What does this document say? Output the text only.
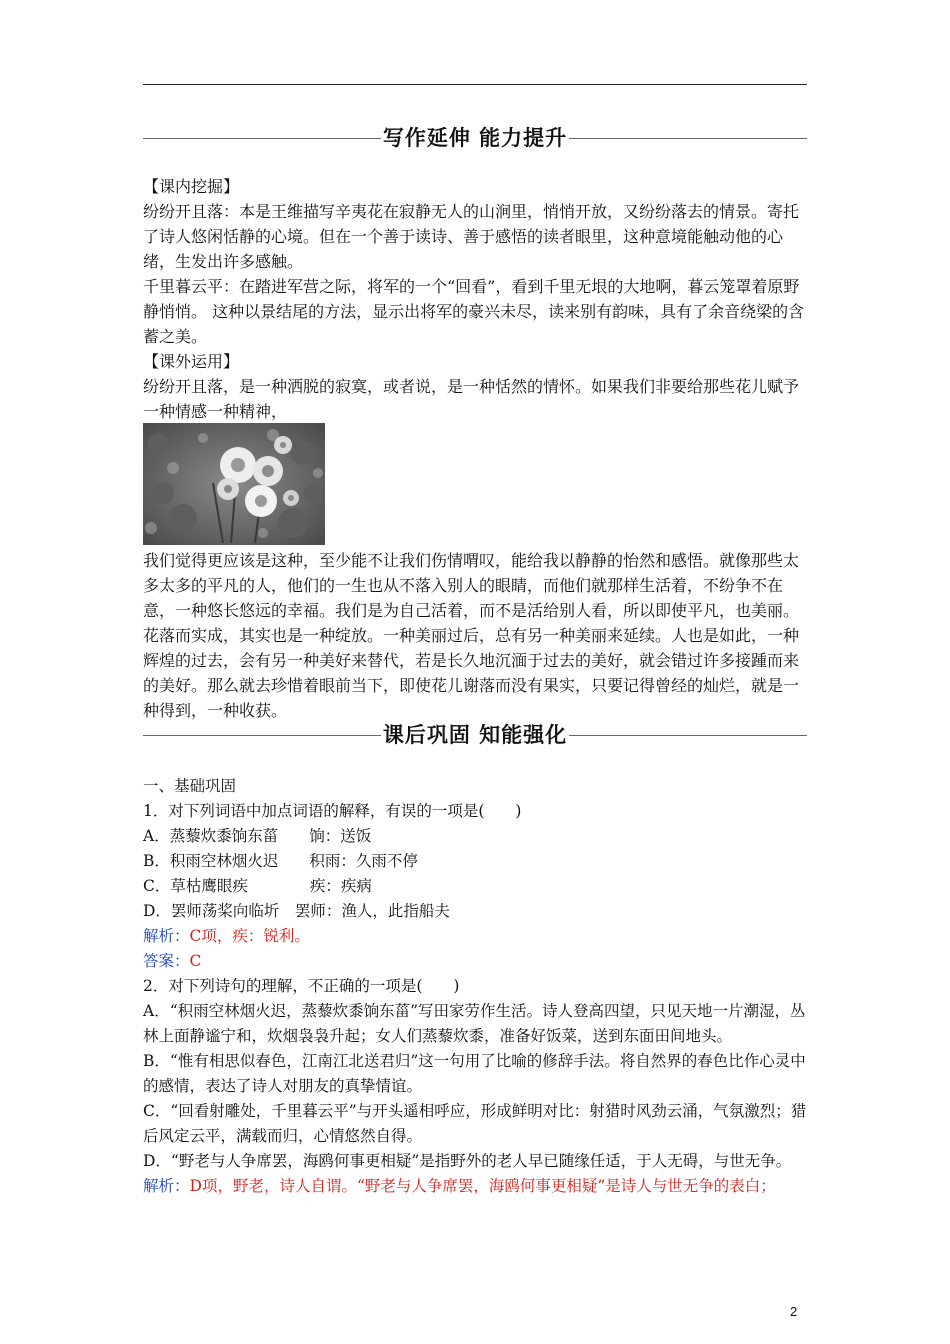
写作延伸 能力提升

【课内挖掘】

纷纷开且落：本是王维描写辛夷花在寂静无人的山涧里，悄悄开放，又纷纷落去的情景。寄托了诗人悠闲恬静的心境。但在一个善于读诗、善于感悟的读者眼里，这种意境能触动他的心绪，生发出许多感触。

千里暮云平：在踏进军营之际，将军的一个“回看”，看到千里无垠的大地啊，暮云笼罩着原野静悄悄。 这种以景结尾的方法，显示出将军的豪兴未尽，读来别有韵味，具有了余音绕梁的含蓄之美。

【课外运用】

纷纷开且落，是一种洒脱的寂寞，或者说，是一种恬然的情怀。如果我们非要给那些花儿赋予一种情感一种精神，

我们觉得更应该是这种，至少能不让我们伤情喟叹，能给我以静静的怡然和感悟。就像那些太多太多的平凡的人，他们的一生也从不落入别人的眼睛，而他们就那样生活着，不纷争不在意，一种悠长悠远的幸福。我们是为自己活着，而不是活给别人看，所以即使平凡，也美丽。花落而实成，其实也是一种绽放。一种美丽过后，总有另一种美丽来延续。人也是如此，一种辉煌的过去，会有另一种美好来替代，若是长久地沉湎于过去的美好，就会错过许多接踵而来的美好。那么就去珍惜着眼前当下，即使花儿谢落而没有果实，只要记得曾经的灿烂，就是一种得到，一种收获。

课后巩固 知能强化

一、基础巩固

1．对下列词语中加点词语的解释，有误的一项是(　　)

A．蒸藜炊黍饷东菑　　饷：送饭

B．积雨空林烟火迟　　积雨：久雨不停

C．草枯鹰眼疾　　　　疾：疾病

D．罢师荡桨向临圻　罢师：渔人，此指船夫

解析：C项，疾：锐利。

答案：C

2．对下列诗句的理解，不正确的一项是(　　)

A．“积雨空林烟火迟，蒸藜炊黍饷东菑”写田家劳作生活。诗人登高四望，只见天地一片潮湿，丛林上面静谧宁和，炊烟袅袅升起；女人们蒸藜炊黍，准备好饭菜，送到东面田间地头。

B．“惟有相思似春色，江南江北送君归”这一句用了比喻的修辞手法。将自然界的春色比作心灵中的感情，表达了诗人对朋友的真挚情谊。

C．“回看射雕处，千里暮云平”与开头遥相呼应，形成鲜明对比：射猎时风劲云涌，气氛激烈；猎后风定云平，满载而归，心情悠然自得。

D．“野老与人争席罢，海鸥何事更相疑”是指野外的老人早已随缘任适，于人无碍，与世无争。

解析：D项，野老，诗人自谓。“野老与人争席罢，海鸥何事更相疑”是诗人与世无争的表白；

2
